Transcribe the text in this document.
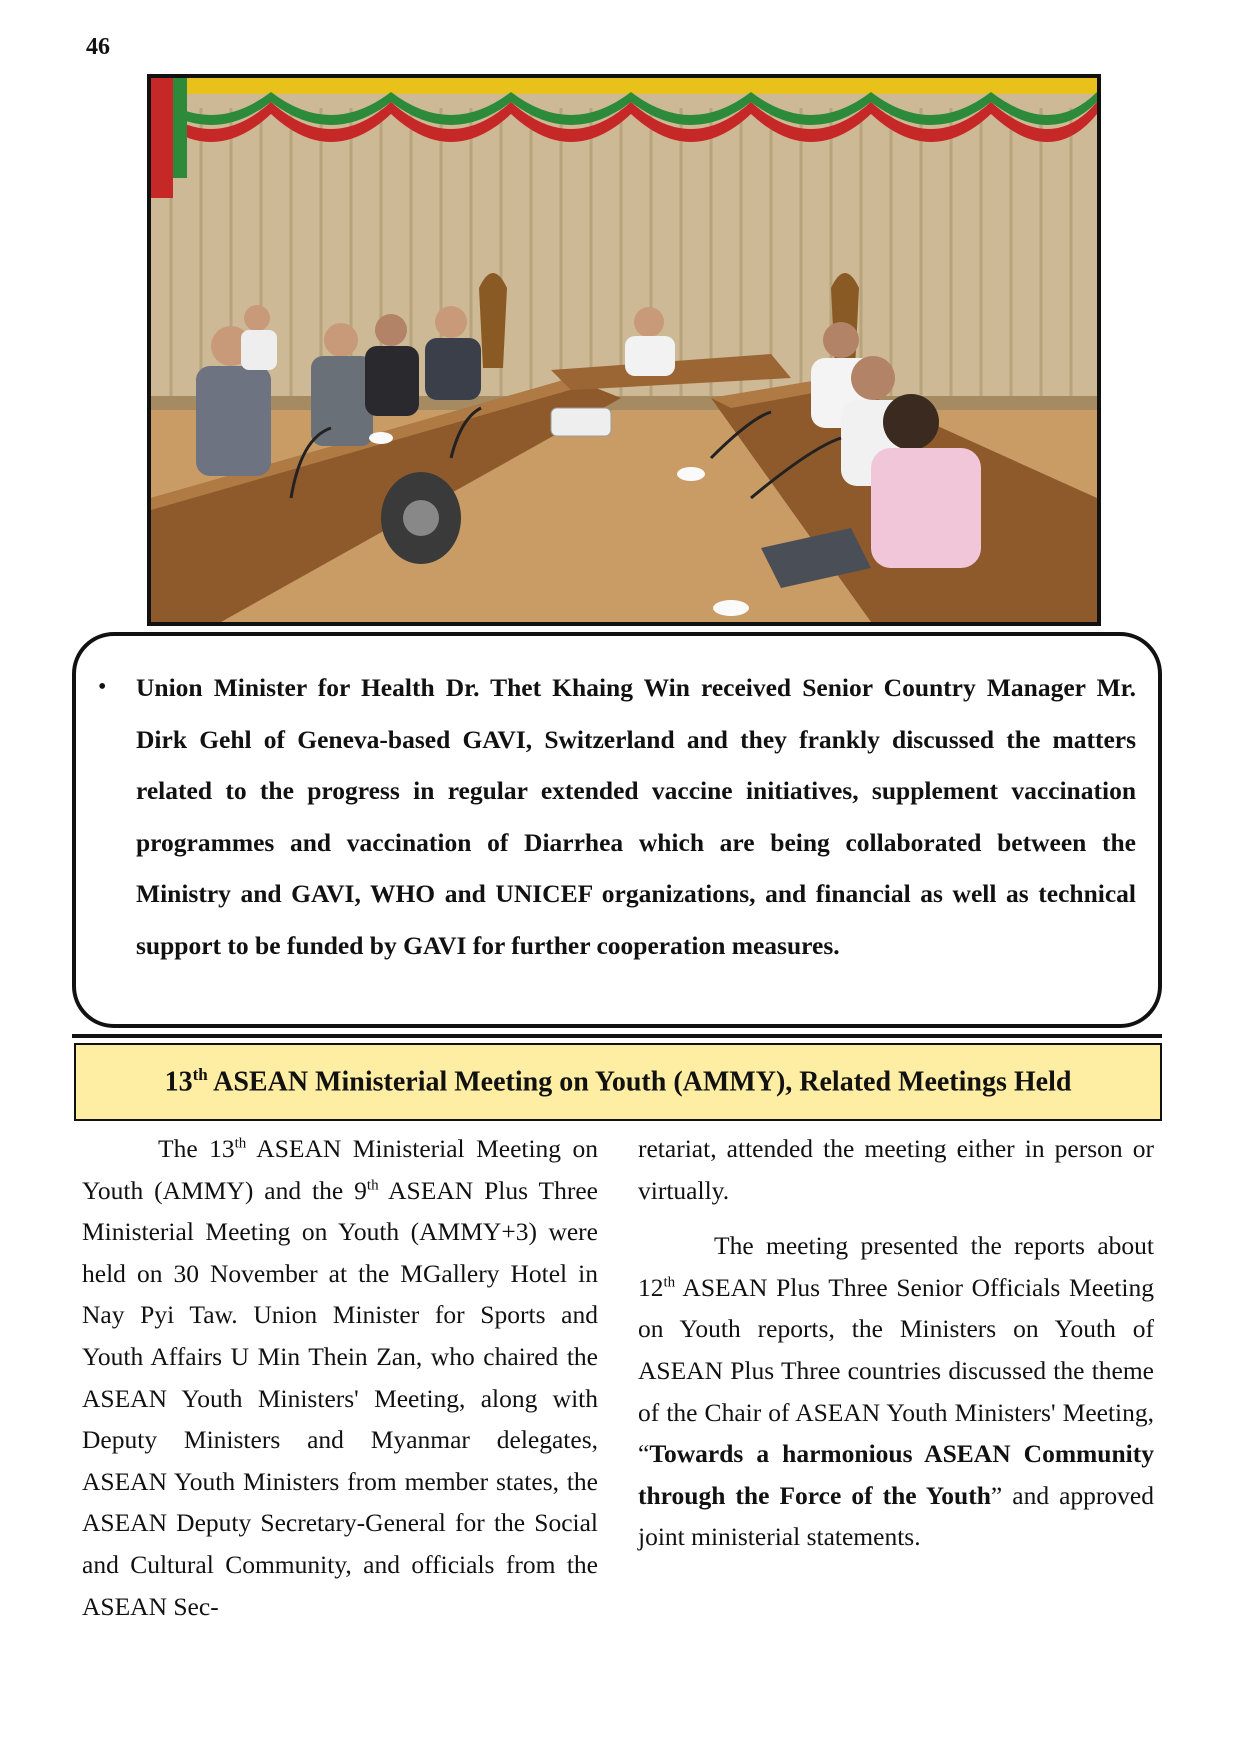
46
• Union Minister for Health Dr. Thet Khaing Win received Senior Country Manager Mr. Dirk Gehl of Geneva-based GAVI, Switzerland and they frankly discussed the matters related to the progress in regular extended vaccine initiatives, supplement vaccination programmes and vaccination of Diarrhea which are being collaborated between the Ministry and GAVI, WHO and UNICEF organizations, and financial as well as technical support to be funded by GAVI for further cooperation measures.

13th ASEAN Ministerial Meeting on Youth (AMMY), Related Meetings Held

The 13th ASEAN Ministerial Meeting on Youth (AMMY) and the 9th ASEAN Plus Three Ministerial Meeting on Youth (AMMY+3) were held on 30 November at the MGallery Hotel in Nay Pyi Taw. Union Minister for Sports and Youth Affairs U Min Thein Zan, who chaired the ASEAN Youth Ministers' Meeting, along with Deputy Ministers and Myanmar delegates, ASEAN Youth Ministers from member states, the ASEAN Deputy Secretary-General for the Social and Cultural Community, and officials from the ASEAN Sec-

retariat, attended the meeting either in person or virtually.

The meeting presented the reports about 12th ASEAN Plus Three Senior Officials Meeting on Youth reports, the Ministers on Youth of ASEAN Plus Three countries discussed the theme of the Chair of ASEAN Youth Ministers' Meeting, “Towards a harmonious ASEAN Community through the Force of the Youth” and approved joint ministerial statements.
